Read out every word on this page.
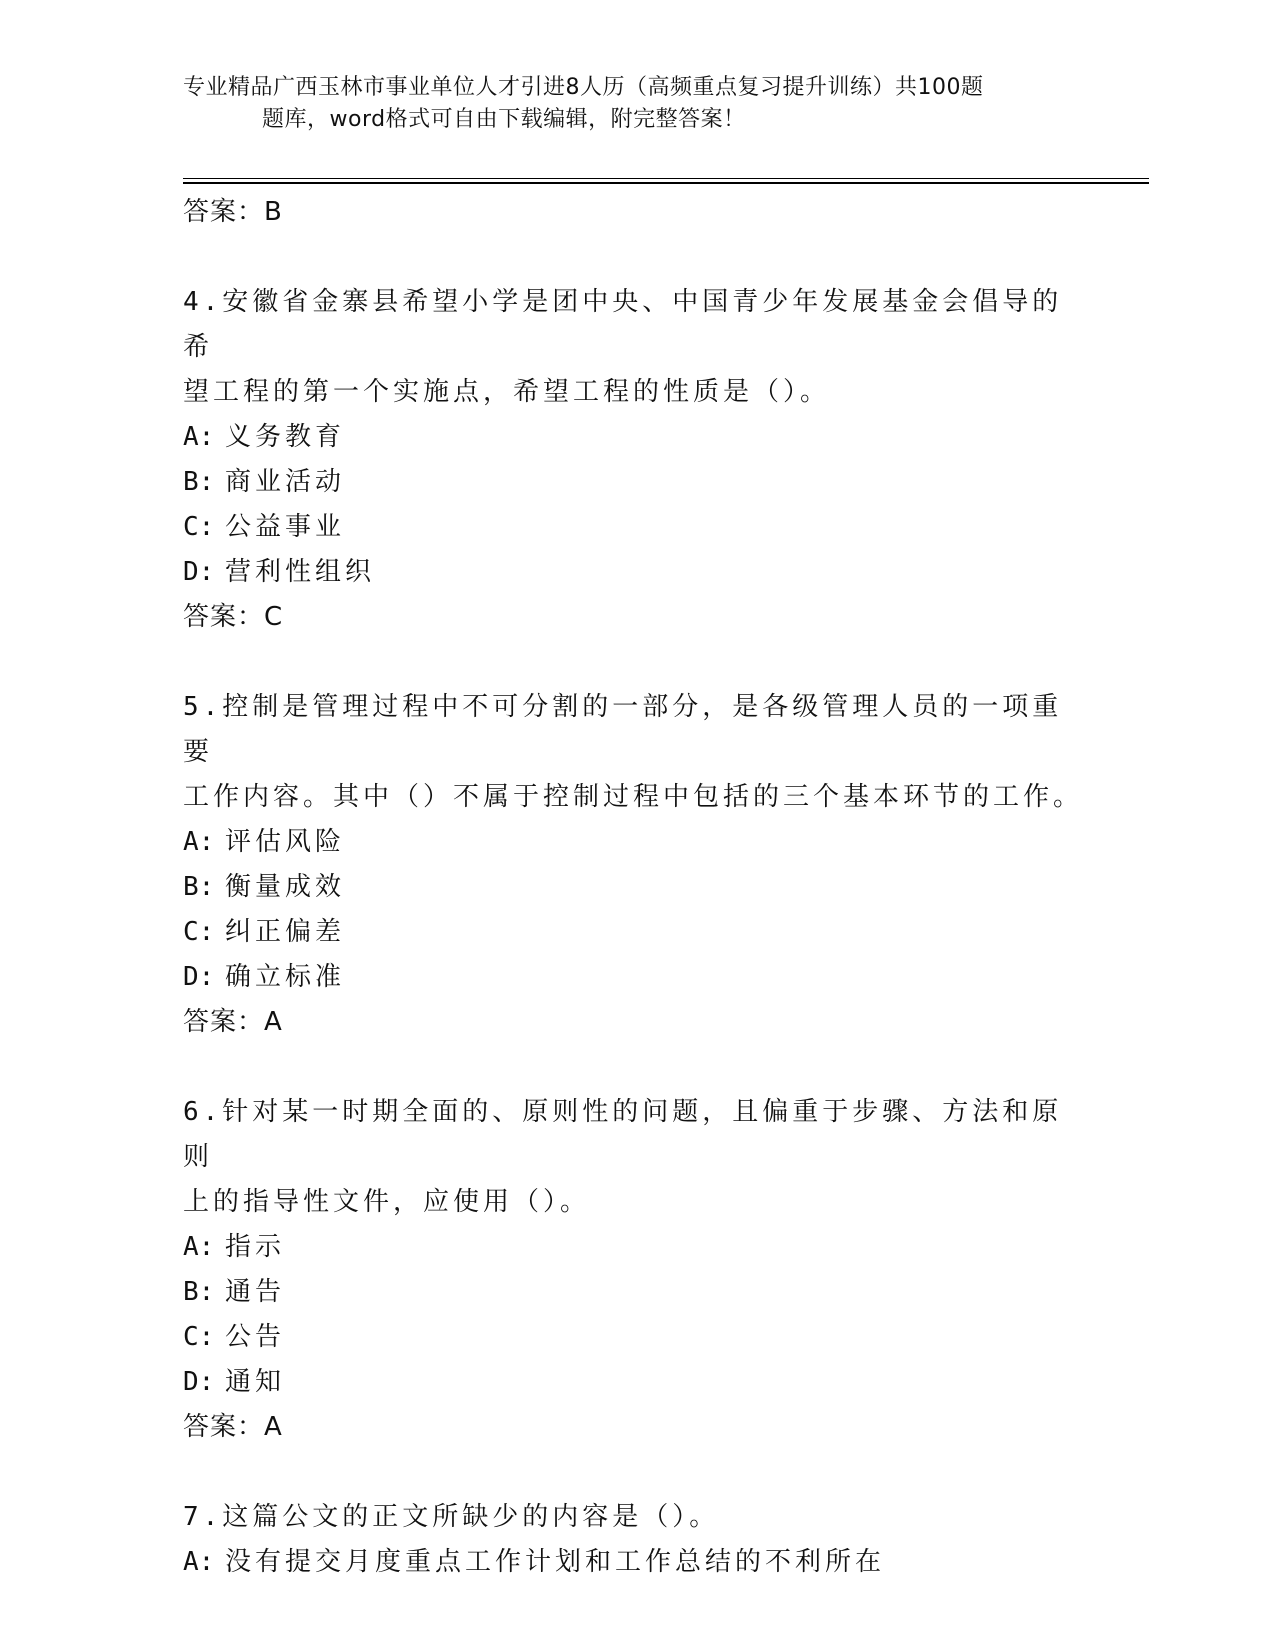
专业精品广西玉林市事业单位人才引进8人历（高频重点复习提升训练）共100题
题库，word格式可自由下载编辑，附完整答案！
答案：B
4.安徽省金寨县希望小学是团中央、中国青少年发展基金会倡导的希
望工程的第一个实施点，希望工程的性质是（）。
A: 义务教育
B: 商业活动
C: 公益事业
D: 营利性组织
答案：C
5.控制是管理过程中不可分割的一部分，是各级管理人员的一项重要
工作内容。其中（）不属于控制过程中包括的三个基本环节的工作。
A: 评估风险
B: 衡量成效
C: 纠正偏差
D: 确立标准
答案：A
6.针对某一时期全面的、原则性的问题，且偏重于步骤、方法和原则
上的指导性文件，应使用（）。
A: 指示
B: 通告
C: 公告
D: 通知
答案：A
7.这篇公文的正文所缺少的内容是（）。
A: 没有提交月度重点工作计划和工作总结的不利所在
